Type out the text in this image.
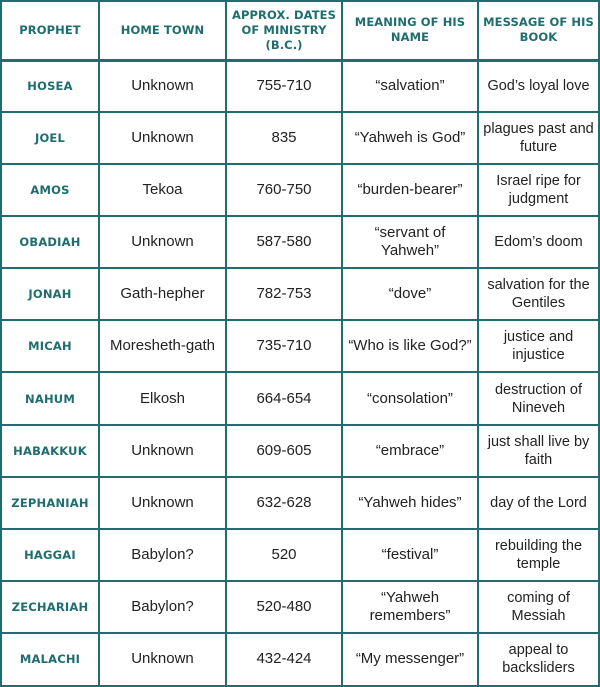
PROPHET	HOME TOWN	APPROX. DATES OF MINISTRY (B.C.)	MEANING OF HIS NAME	MESSAGE OF HIS BOOK
HOSEA	Unknown	755-710	“salvation”	God’s loyal love
JOEL	Unknown	835	“Yahweh is God”	plagues past and future
AMOS	Tekoa	760-750	“burden-bearer”	Israel ripe for judgment
OBADIAH	Unknown	587-580	“servant of Yahweh”	Edom’s doom
JONAH	Gath-hepher	782-753	“dove”	salvation for the Gentiles
MICAH	Moresheth-gath	735-710	“Who is like God?”	justice and injustice
NAHUM	Elkosh	664-654	“consolation”	destruction of Nineveh
HABAKKUK	Unknown	609-605	“embrace”	just shall live by faith
ZEPHANIAH	Unknown	632-628	“Yahweh hides”	day of the Lord
HAGGAI	Babylon?	520	“festival”	rebuilding the temple
ZECHARIAH	Babylon?	520-480	“Yahweh remembers”	coming of Messiah
MALACHI	Unknown	432-424	“My messenger”	appeal to backsliders
